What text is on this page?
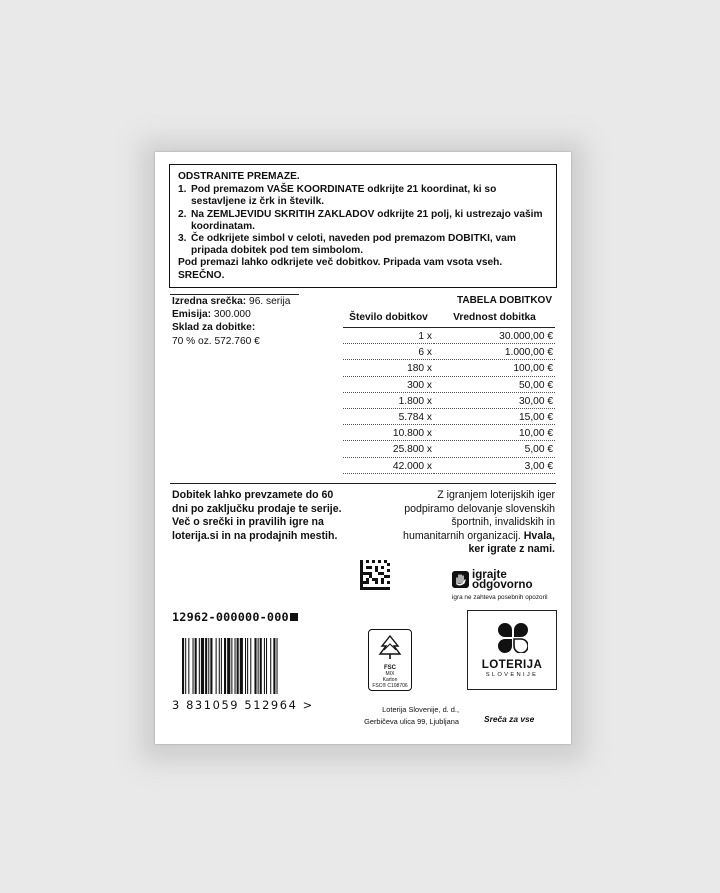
ODSTRANITE PREMAZE.
1. Pod premazom VAŠE KOORDINATE odkrijte 21 koordinat, ki so sestavljene iz črk in številk.
2. Na ZEMLJEVIDU SKRITIH ZAKLADOV odkrijte 21 polj, ki ustrezajo vašim koordinatam.
3. Če odkrijete simbol v celoti, naveden pod premazom DOBITKI, vam pripada dobitek pod tem simbolom.
Pod premazi lahko odkrijete več dobitkov. Pripada vam vsota vseh. SREČNO.
Izredna srečka: 96. serija
Emisija: 300.000
Sklad za dobitke:
70 % oz. 572.760 €
TABELA DOBITKOV
Število dobitkov	Vrednost dobitka
1 x	30.000,00 €
6 x	1.000,00 €
180 x	100,00 €
300 x	50,00 €
1.800 x	30,00 €
5.784 x	15,00 €
10.800 x	10,00 €
25.800 x	5,00 €
42.000 x	3,00 €
Dobitek lahko prevzamete do 60 dni po zaključku prodaje te serije. Več o srečki in pravilih igre na loterija.si in na prodajnih mestih.
Z igranjem loterijskih iger podpiramo delovanje slovenskih športnih, invalidskih in humanitarnih organizacij. Hvala, ker igrate z nami.
igrajte
odgovorno
igra ne zahteva posebnih opozoril
12962-000000-000
3 831059 512964 >
FSC
MIX
Karton
FSC® C108706
Loterija Slovenije, d. d.,
Gerbičeva ulica 99, Ljubljana
LOTERIJA
SLOVENIJE
Sreča za vse
